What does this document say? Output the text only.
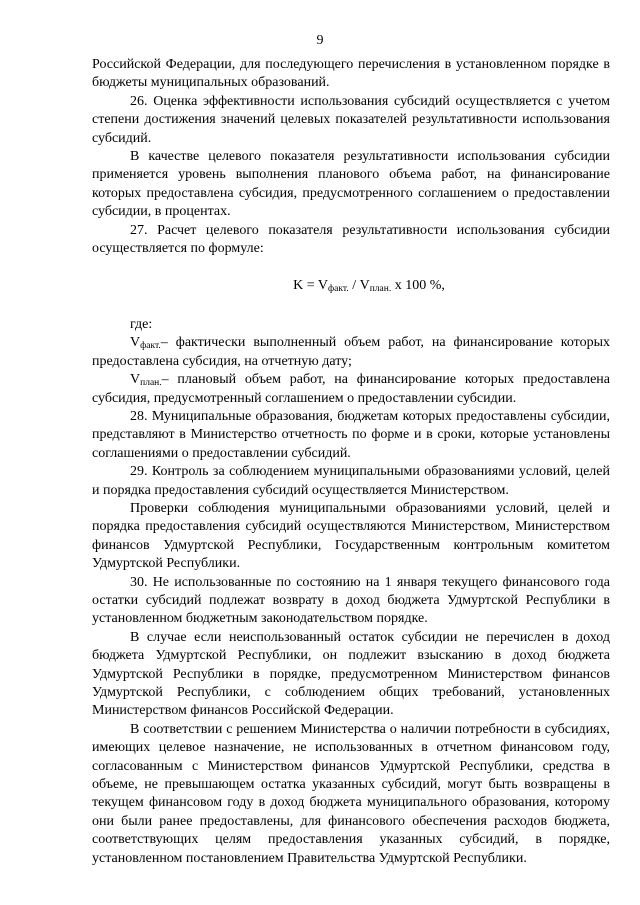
9

Российской Федерации, для последующего перечисления в установленном порядке в бюджеты муниципальных образований.

26. Оценка эффективности использования субсидий осуществляется с учетом степени достижения значений целевых показателей результативности использования субсидий.

В качестве целевого показателя результативности использования субсидии применяется уровень выполнения планового объема работ, на финансирование которых предоставлена субсидия, предусмотренного соглашением о предоставлении субсидии, в процентах.

27. Расчет целевого показателя результативности использования субсидии осуществляется по формуле:

$K = V_{факт.} / V_{план.}$ x 100 %,

где:

$V_{факт.}-$ фактически выполненный объем работ, на финансирование которых предоставлена субсидия, на отчетную дату;

$V_{план.}-$ плановый объем работ, на финансирование которых предоставлена субсидия, предусмотренный соглашением о предоставлении субсидии.

28. Муниципальные образования, бюджетам которых предоставлены субсидии, представляют в Министерство отчетность по форме и в сроки, которые установлены соглашениями о предоставлении субсидий.

29. Контроль за соблюдением муниципальными образованиями условий, целей и порядка предоставления субсидий осуществляется Министерством.

Проверки соблюдения муниципальными образованиями условий, целей и порядка предоставления субсидий осуществляются Министерством, Министерством финансов Удмуртской Республики, Государственным контрольным комитетом Удмуртской Республики.

30. Не использованные по состоянию на 1 января текущего финансового года остатки субсидий подлежат возврату в доход бюджета Удмуртской Республики в установленном бюджетным законодательством порядке.

В случае если неиспользованный остаток субсидии не перечислен в доход бюджета Удмуртской Республики, он подлежит взысканию в доход бюджета Удмуртской Республики в порядке, предусмотренном Министерством финансов Удмуртской Республики, с соблюдением общих требований, установленных Министерством финансов Российской Федерации.

В соответствии с решением Министерства о наличии потребности в субсидиях, имеющих целевое назначение, не использованных в отчетном финансовом году, согласованным с Министерством финансов Удмуртской Республики, средства в объеме, не превышающем остатка указанных субсидий, могут быть возвращены в текущем финансовом году в доход бюджета муниципального образования, которому они были ранее предоставлены, для финансового обеспечения расходов бюджета, соответствующих целям предоставления указанных субсидий, в порядке, установленном постановлением Правительства Удмуртской Республики.
